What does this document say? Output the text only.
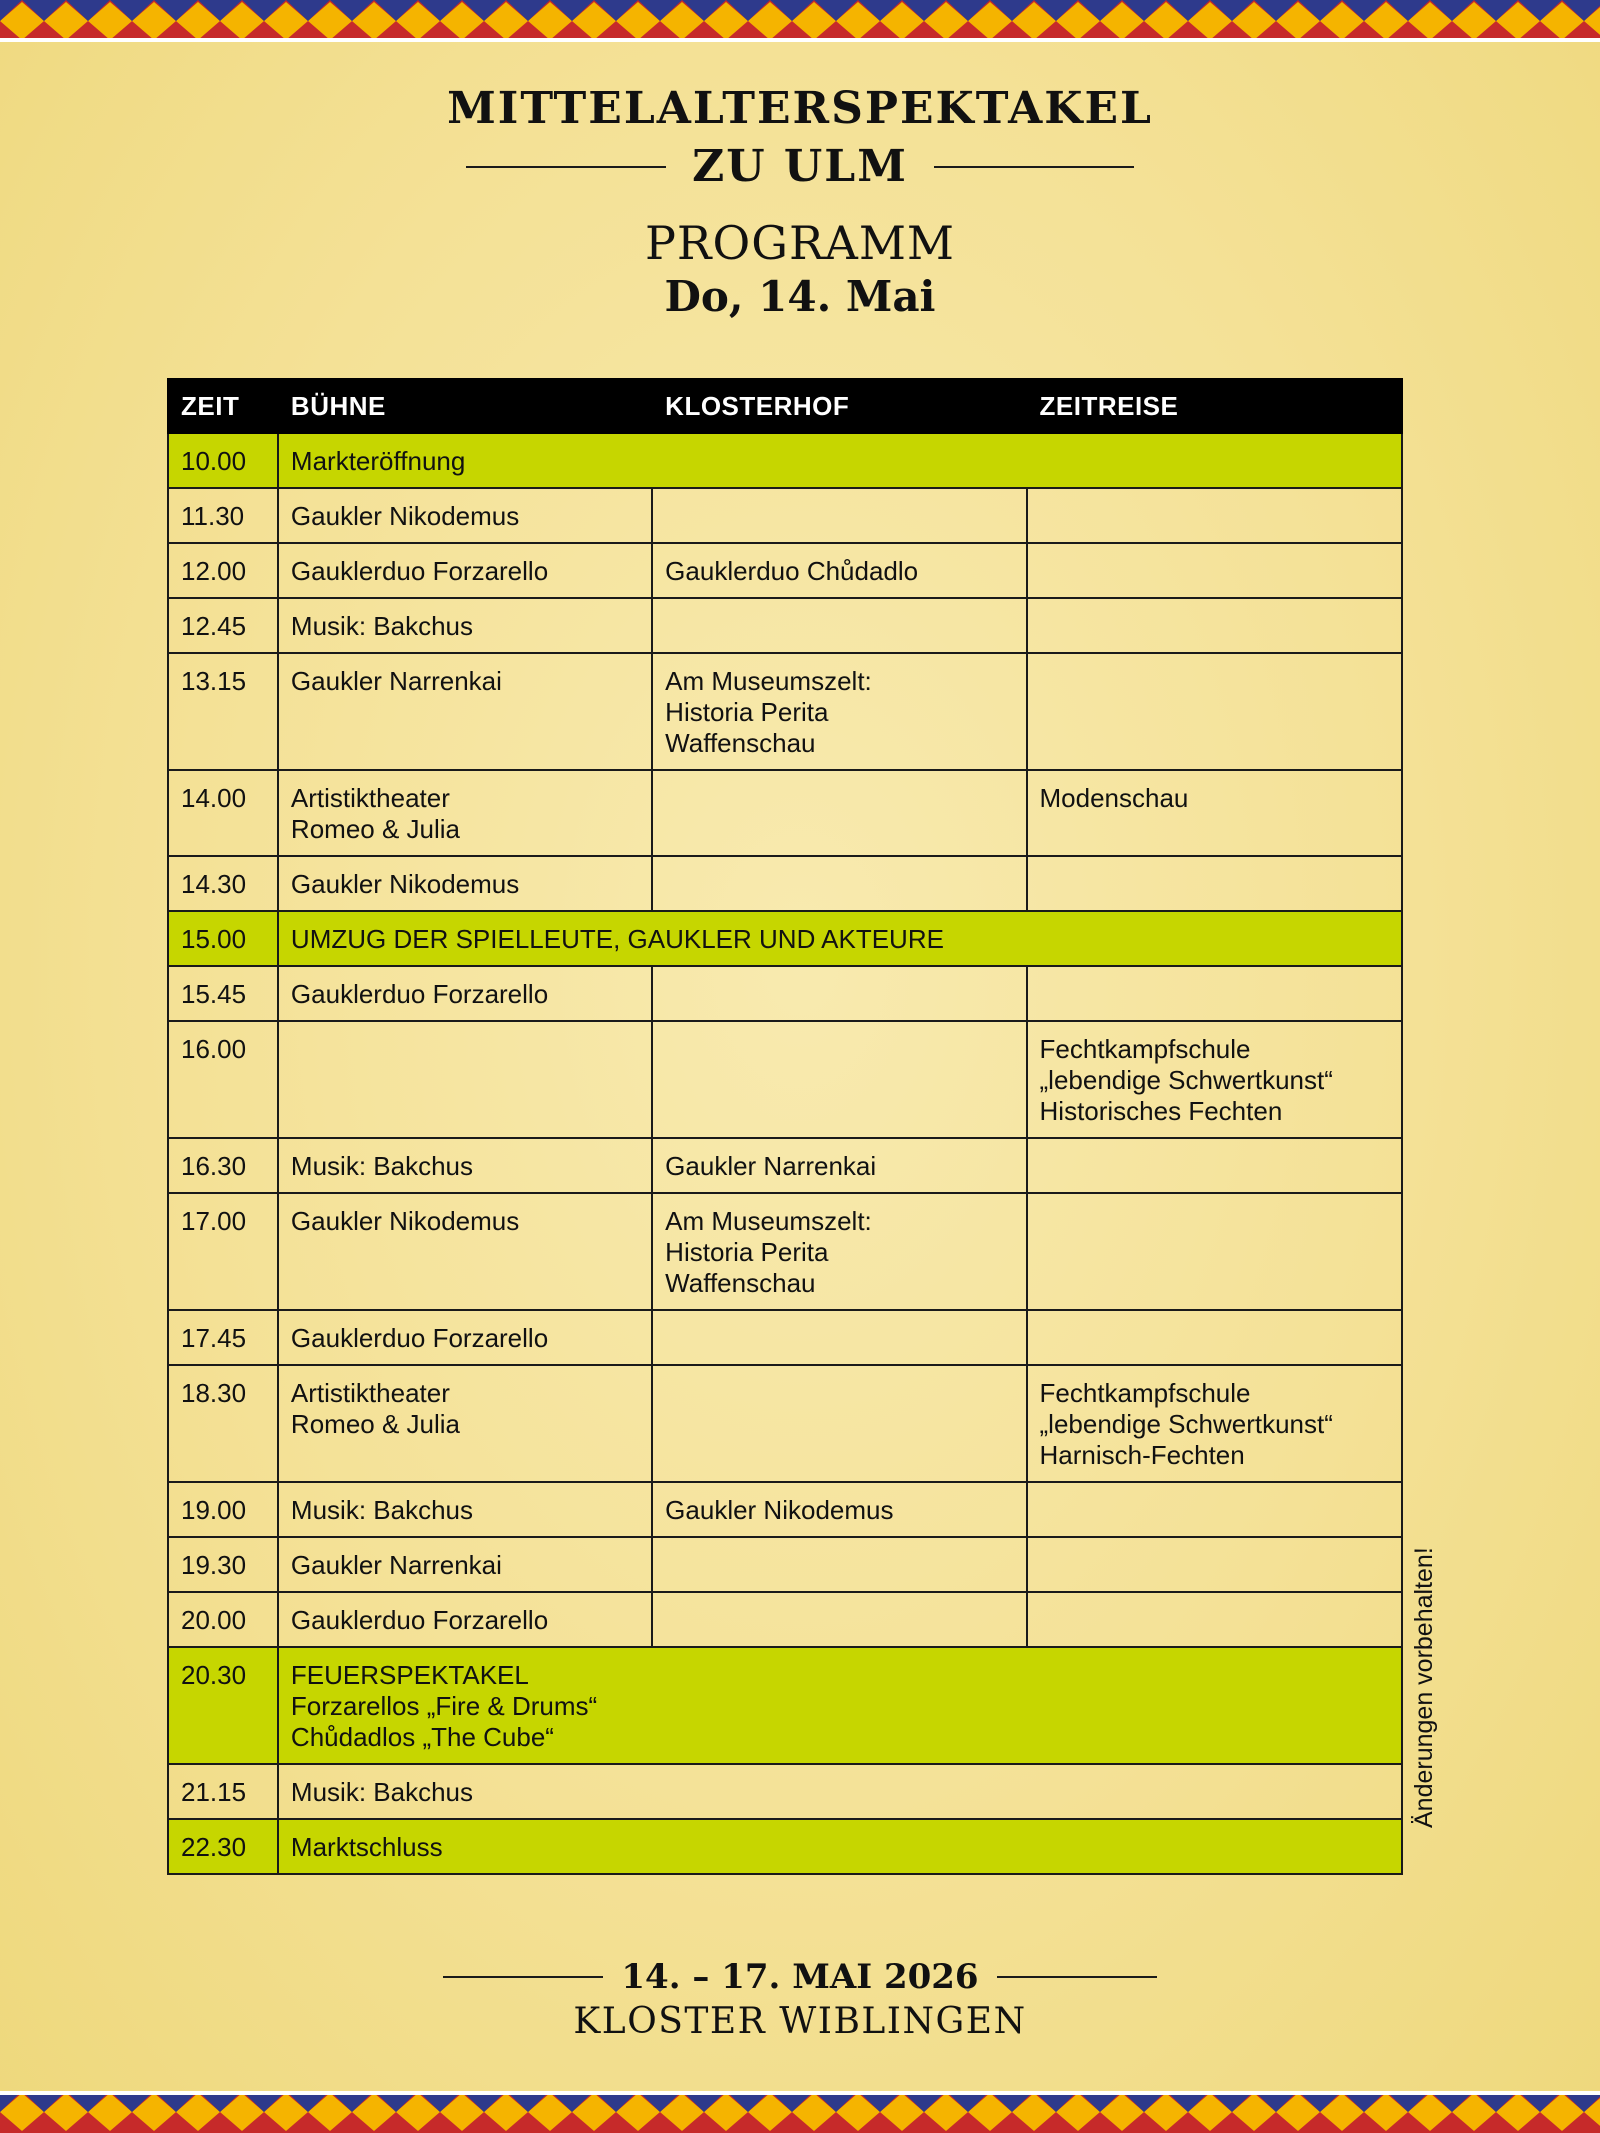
MITTELALTERSPEKTAKEL
ZU ULM
PROGRAMM
Do, 14. Mai
ZEIT	BÜHNE	KLOSTERHOF	ZEITREISE
10.00	Markteröffnung		
11.30	Gaukler Nikodemus		
12.00	Gauklerduo Forzarello	Gauklerduo Chůdadlo	
12.45	Musik: Bakchus		
13.15	Gaukler Narrenkai	Am Museumszelt:
Historia Perita
Waffenschau	
14.00	Artistiktheater
Romeo & Julia		Modenschau
14.30	Gaukler Nikodemus		
15.00	UMZUG DER SPIELLEUTE, GAUKLER UND AKTEURE		
15.45	Gauklerduo Forzarello		
16.00			Fechtkampfschule
„lebendige Schwertkunst“
Historisches Fechten
16.30	Musik: Bakchus	Gaukler Narrenkai	
17.00	Gaukler Nikodemus	Am Museumszelt:
Historia Perita
Waffenschau	
17.45	Gauklerduo Forzarello		
18.30	Artistiktheater
Romeo & Julia		Fechtkampfschule
„lebendige Schwertkunst“
Harnisch-Fechten
19.00	Musik: Bakchus	Gaukler Nikodemus	
19.30	Gaukler Narrenkai		
20.00	Gauklerduo Forzarello		
20.30	FEUERSPEKTAKEL
Forzarellos „Fire & Drums“
Chůdadlos „The Cube“		
21.15	Musik: Bakchus		
22.30	Marktschluss		
Änderungen vorbehalten!
14. – 17. MAI 2026
KLOSTER WIBLINGEN
